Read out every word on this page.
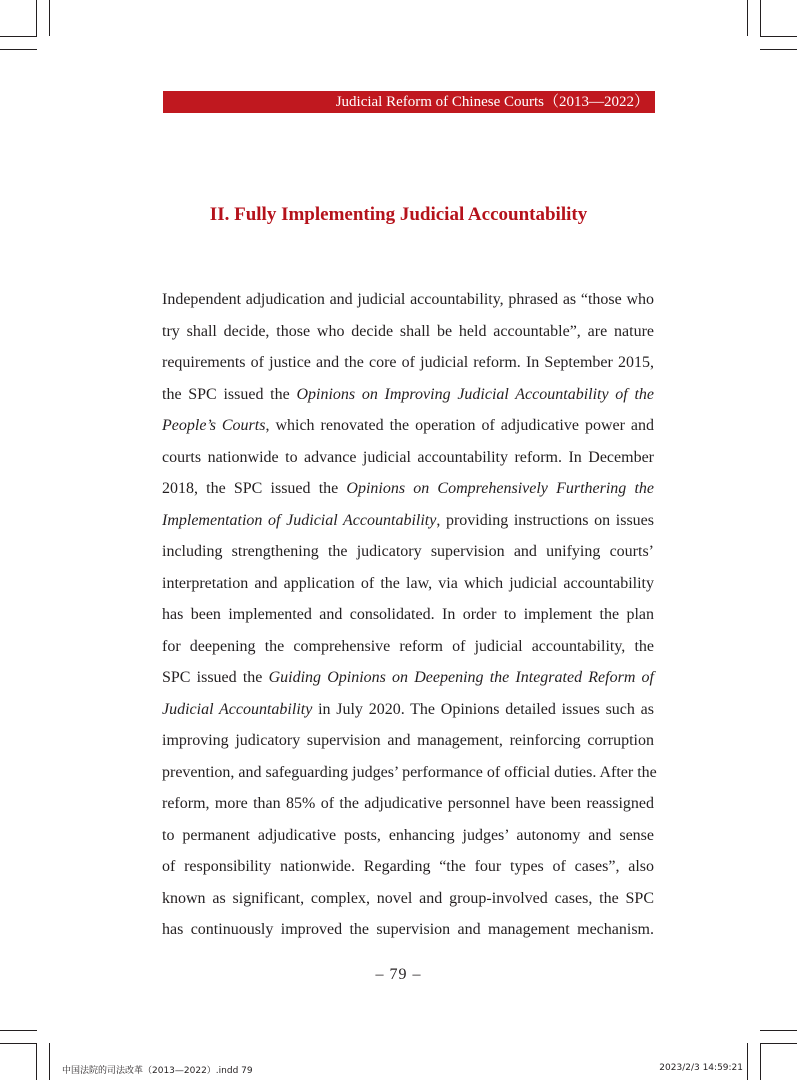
Judicial Reform of Chinese Courts（2013—2022）
II. Fully Implementing Judicial Accountability
Independent adjudication and judicial accountability, phrased as “those who
try shall decide, those who decide shall be held accountable”, are nature
requirements of justice and the core of judicial reform. In September 2015,
the SPC issued the Opinions on Improving Judicial Accountability of the
People’s Courts, which renovated the operation of adjudicative power and
courts nationwide to advance judicial accountability reform. In December
2018, the SPC issued the Opinions on Comprehensively Furthering the
Implementation of Judicial Accountability, providing instructions on issues
including strengthening the judicatory supervision and unifying courts’
interpretation and application of the law, via which judicial accountability
has been implemented and consolidated. In order to implement the plan
for deepening the comprehensive reform of judicial accountability, the
SPC issued the Guiding Opinions on Deepening the Integrated Reform of
Judicial Accountability in July 2020. The Opinions detailed issues such as
improving judicatory supervision and management, reinforcing corruption
prevention, and safeguarding judges’ performance of official duties. After the
reform, more than 85% of the adjudicative personnel have been reassigned
to permanent adjudicative posts, enhancing judges’ autonomy and sense
of responsibility nationwide. Regarding “the four types of cases”, also
known as significant, complex, novel and group-involved cases, the SPC
has continuously improved the supervision and management mechanism.
– 79 –
中国法院的司法改革（2013—2022）.indd 79	2023/2/3 14:59:21
